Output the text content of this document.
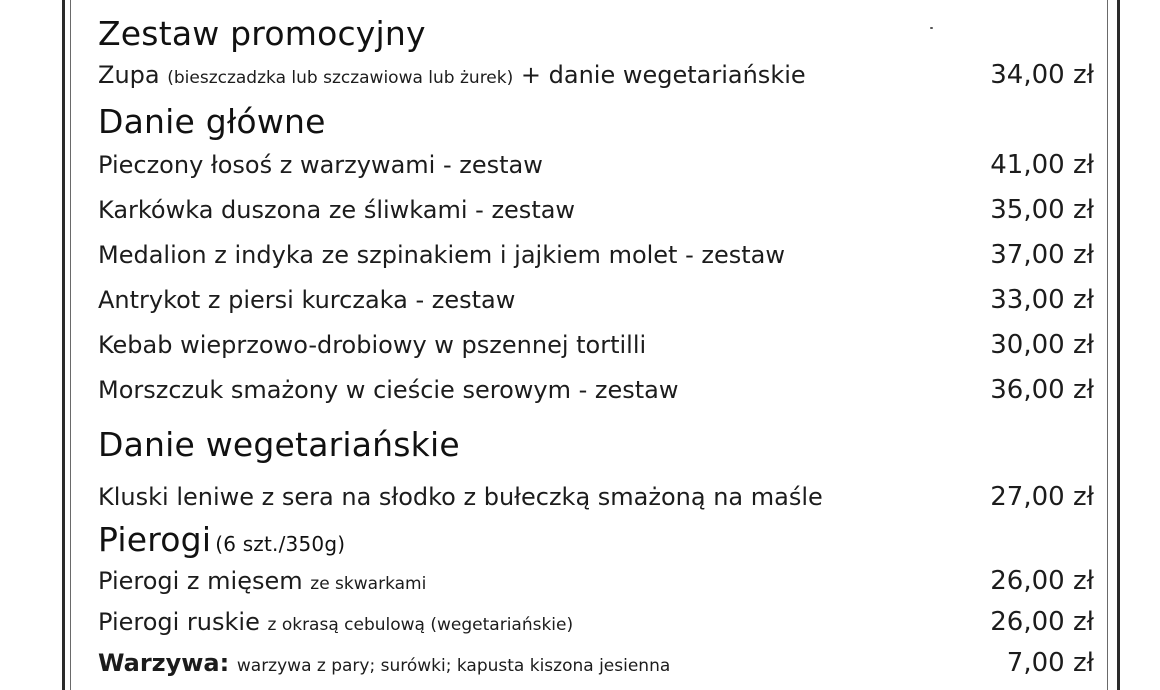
Zestaw promocyjny
Zupa (bieszczadzka lub szczawiowa lub żurek) + danie wegetariańskie	34,00 zł
Danie główne
Pieczony łosoś z warzywami - zestaw	41,00 zł
Karkówka duszona ze śliwkami - zestaw	35,00 zł
Medalion z indyka ze szpinakiem i jajkiem molet - zestaw	37,00 zł
Antrykot z piersi kurczaka - zestaw	33,00 zł
Kebab wieprzowo-drobiowy w pszennej tortilli	30,00 zł
Morszczuk smażony w cieście serowym - zestaw	36,00 zł
Danie wegetariańskie
Kluski leniwe z sera na słodko z bułeczką smażoną na maśle	27,00 zł
Pierogi (6 szt./350g)
Pierogi z mięsem ze skwarkami	26,00 zł
Pierogi ruskie z okrasą cebulową (wegetariańskie)	26,00 zł
Warzywa: warzywa z pary; surówki; kapusta kiszona jesienna	7,00 zł
